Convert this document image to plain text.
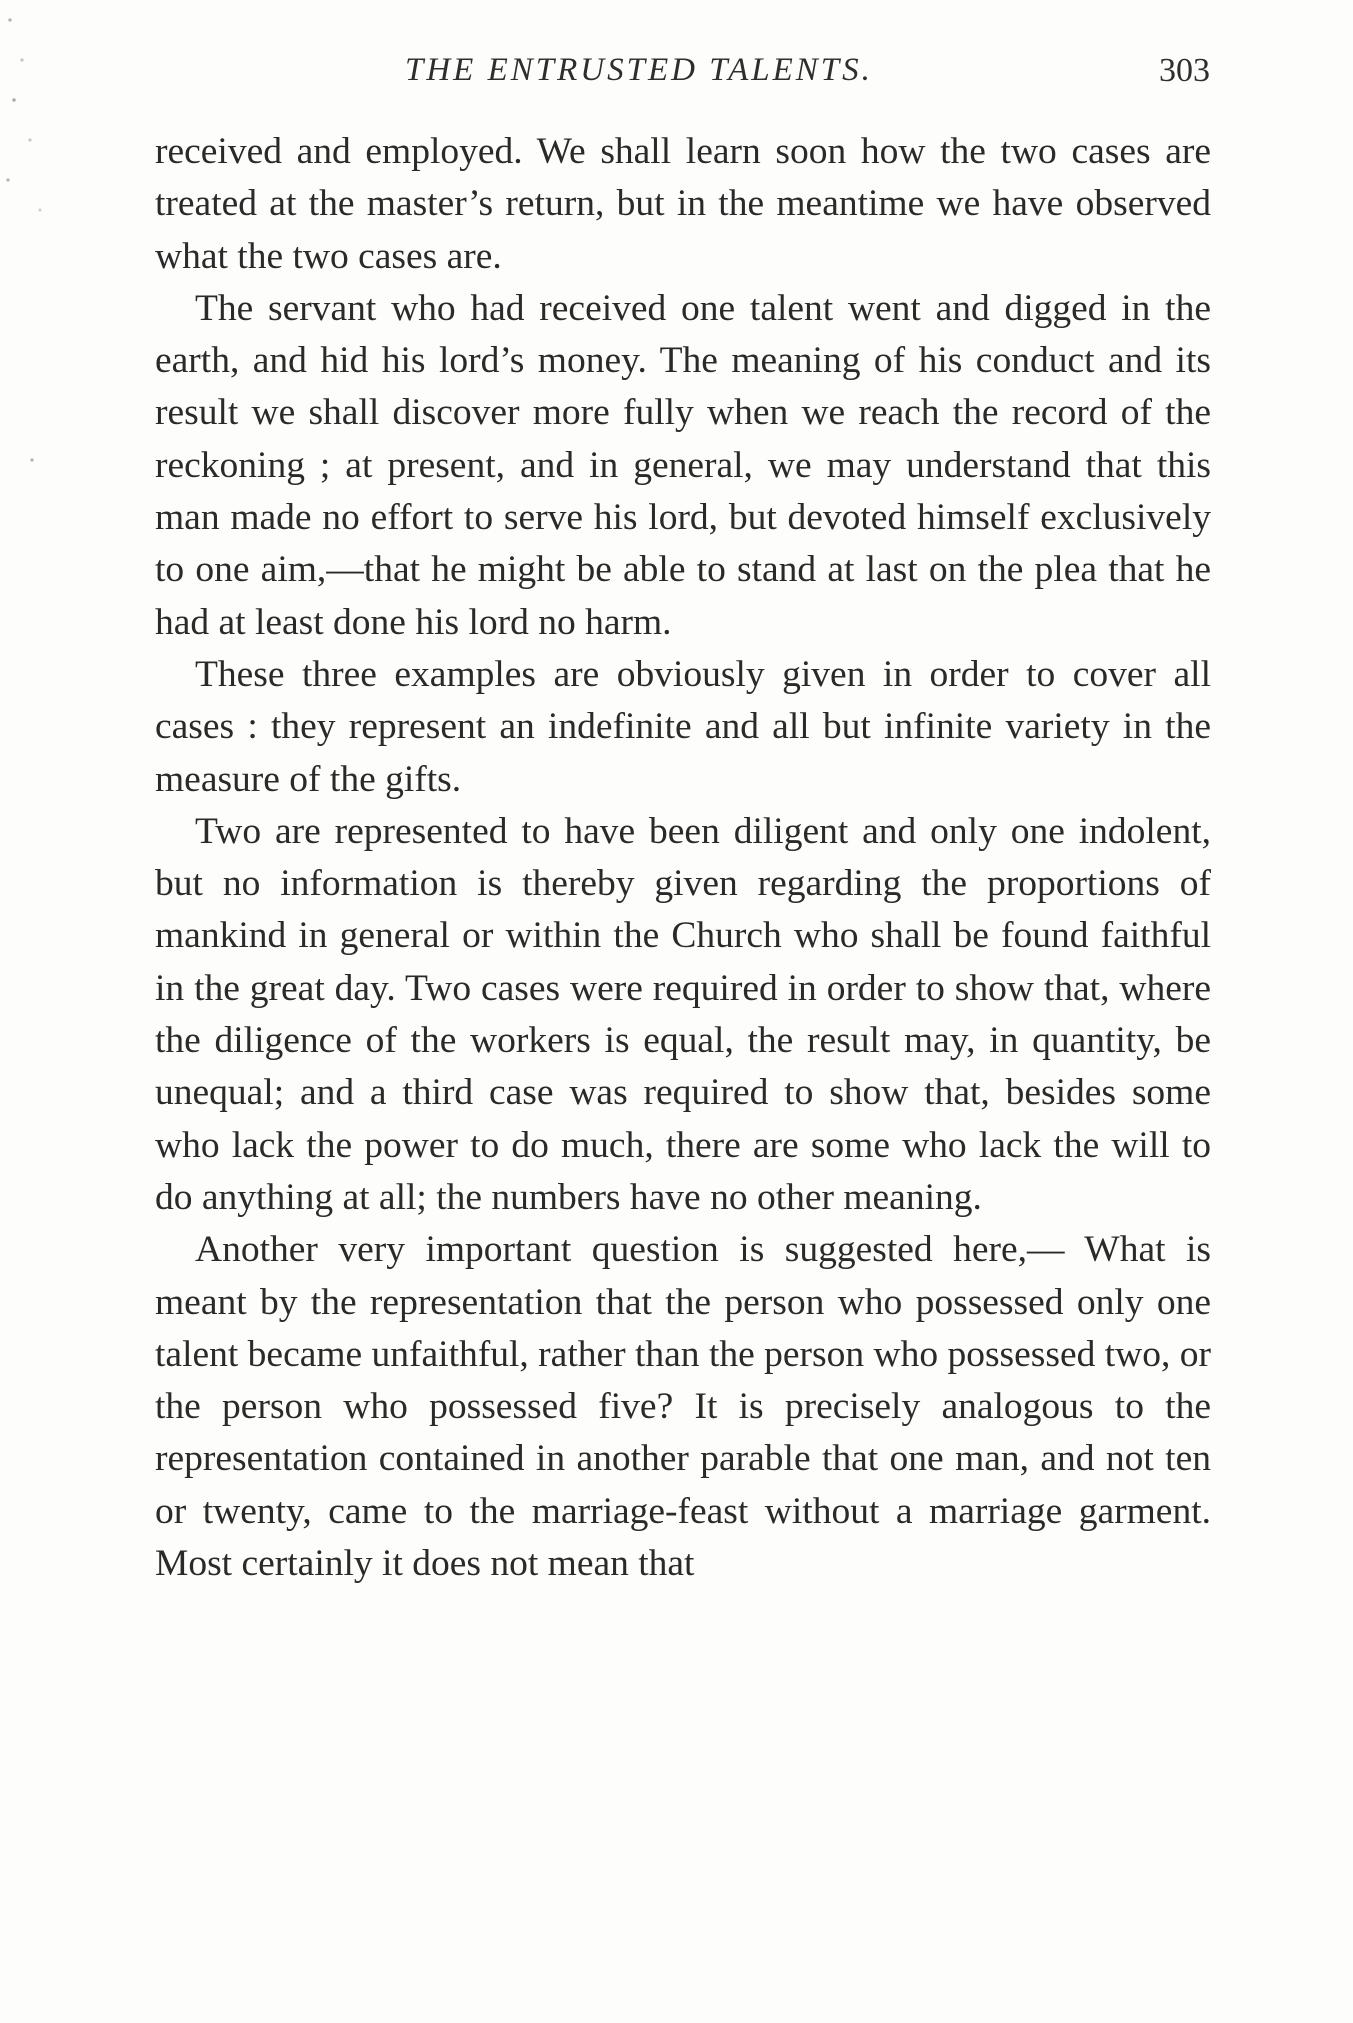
THE ENTRUSTED TALENTS.	303

received and employed. We shall learn soon how the two cases are treated at the master’s return, but in the meantime we have observed what the two cases are.

The servant who had received one talent went and digged in the earth, and hid his lord’s money. The meaning of his conduct and its result we shall discover more fully when we reach the record of the reckoning ; at present, and in general, we may understand that this man made no effort to serve his lord, but devoted himself exclusively to one aim,—that he might be able to stand at last on the plea that he had at least done his lord no harm.

These three examples are obviously given in order to cover all cases : they represent an indefinite and all but infinite variety in the measure of the gifts.

Two are represented to have been diligent and only one indolent, but no information is thereby given regarding the proportions of mankind in general or within the Church who shall be found faithful in the great day. Two cases were required in order to show that, where the diligence of the workers is equal, the result may, in quantity, be unequal; and a third case was required to show that, besides some who lack the power to do much, there are some who lack the will to do anything at all; the numbers have no other meaning.

Another very important question is suggested here,— What is meant by the representation that the person who possessed only one talent became unfaithful, rather than the person who possessed two, or the person who possessed five? It is precisely analogous to the representation contained in another parable that one man, and not ten or twenty, came to the marriage-feast without a marriage garment. Most certainly it does not mean that
